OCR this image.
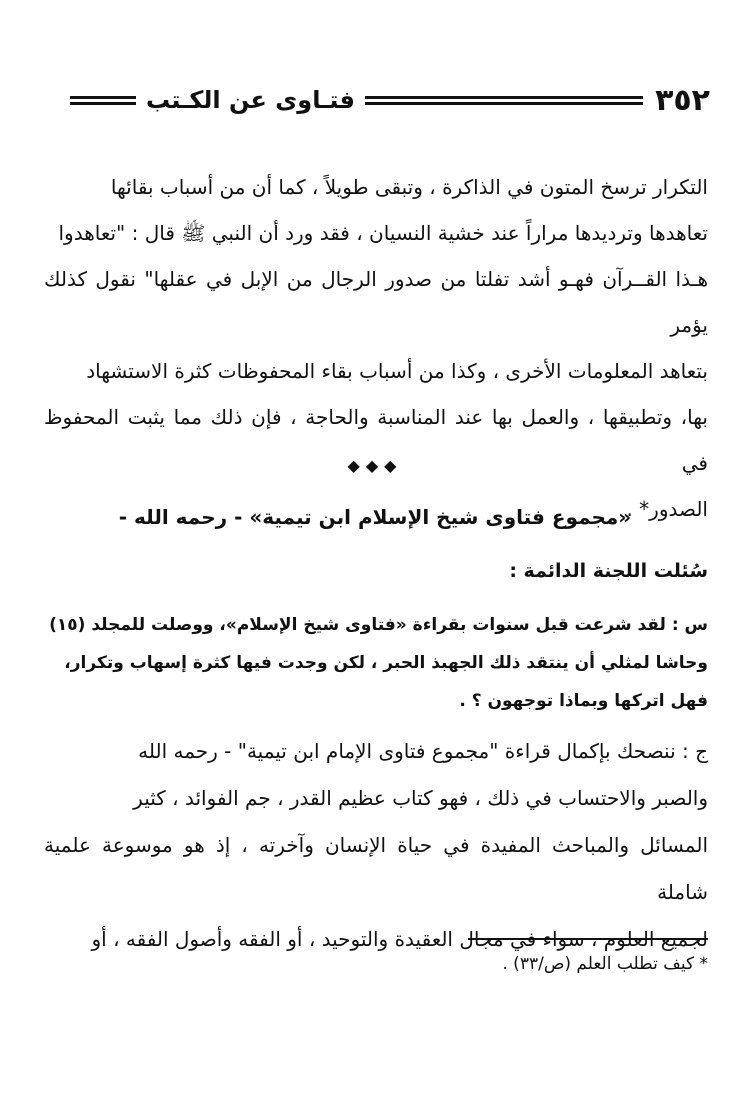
٣٥٢
فتـاوى عن الكـتب
التكرار ترسخ المتون في الذاكرة ، وتبقى طويلاً ، كما أن من أسباب بقائها
تعاهدها وترديدها مراراً عند خشية النسيان ، فقد ورد أن النبي ﷺ قال : "تعاهدوا
هـذا القــرآن فهـو أشد تفلتا من صدور الرجال من الإبل في عقلها" نقول كذلك يؤمر
بتعاهد المعلومات الأخرى ، وكذا من أسباب بقاء المحفوظات كثرة الاستشهاد
بها، وتطبيقها ، والعمل بها عند المناسبة والحاجة ، فإن ذلك مما يثبت المحفوظ في
الصدور* .
◆◆◆
«مجموع فتاوى شيخ الإسلام ابن تيمية» - رحمه الله -
سُئلت اللجنة الدائمة :
س : لقد شرعت قبل سنوات بقراءة «فتاوى شيخ الإسلام»، ووصلت للمجلد (١٥)
وحاشا لمثلي أن ينتقد ذلك الجهبذ الحبر ، لكن وجدت فيها كثرة إسهاب وتكرار،
فهل اتركها وبماذا توجهون ؟ .
ج : ننصحك بإكمال قراءة "مجموع فتاوى الإمام ابن تيمية" - رحمه الله
والصبر والاحتساب في ذلك ، فهو كتاب عظيم القدر ، جم الفوائد ، كثير
المسائل والمباحث المفيدة في حياة الإنسان وآخرته ، إذ هو موسوعة علمية شاملة
لجميع العلوم ، سواء في مجال العقيدة والتوحيد ، أو الفقه وأصول الفقه ، أو
* كيف تطلب العلم (ص/٣٣) .
